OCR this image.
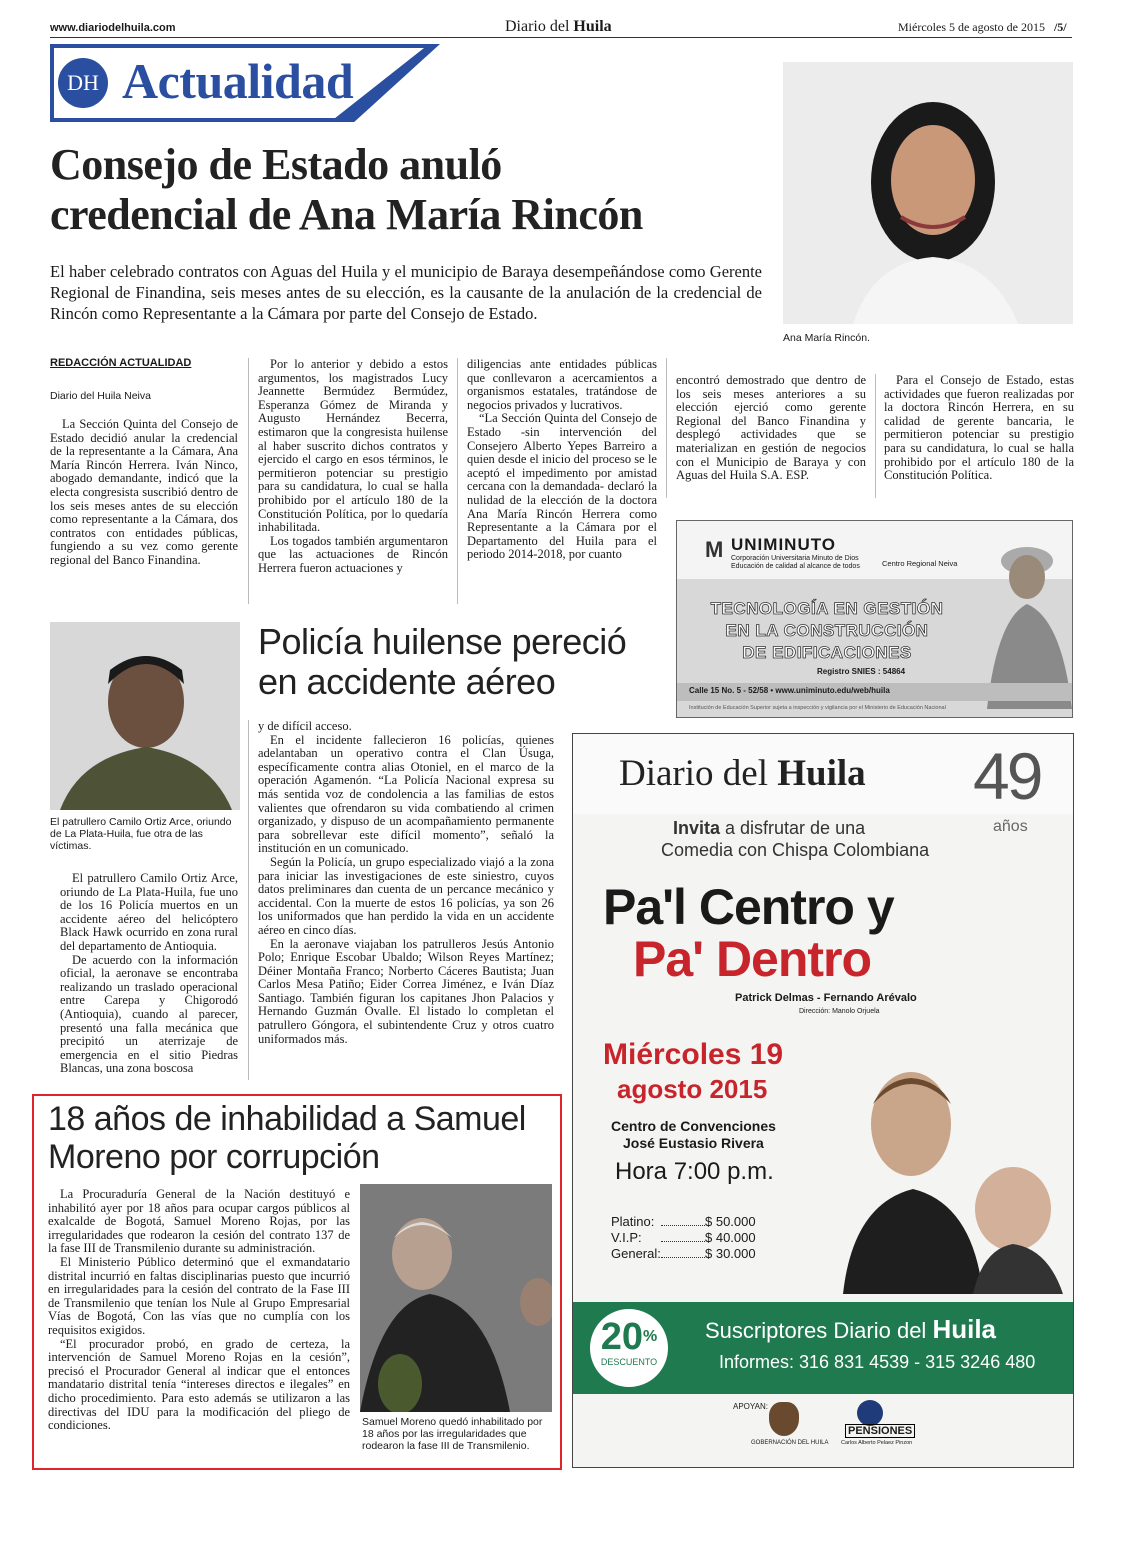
www.diariodelhuila.com	Diario del Huila	Miércoles 5 de agosto de 2015 /5/
DH Actualidad
Consejo de Estado anuló
credencial de Ana María Rincón
El haber celebrado contratos con Aguas del Huila y el municipio de Baraya desempeñándose como Gerente Regional de Finandina, seis meses antes de su elección, es la causante de la anulación de la credencial de Rincón como Representante a la Cámara por parte del Consejo de Estado.
Ana María Rincón.
REDACCIÓN ACTUALIDAD
Diario del Huila Neiva

La Sección Quinta del Consejo de Estado decidió anular la credencial de la representante a la Cámara, Ana María Rincón Herrera. Iván Ninco, abogado demandante, indicó que la electa congresista suscribió dentro de los seis meses antes de su elección como representante a la Cámara, dos contratos con entidades públicas, fungiendo a su vez como gerente regional del Banco Finandina.

Por lo anterior y debido a estos argumentos, los magistrados Lucy Jeannette Bermúdez Bermúdez, Esperanza Gómez de Miranda y Augusto Hernández Becerra, estimaron que la congresista huilense al haber suscrito dichos contratos y ejercido el cargo en esos términos, le permitieron potenciar su prestigio para su candidatura, lo cual se halla prohibido por el artículo 180 de la Constitución Política, por lo quedaría inhabilitada.

Los togados también argumentaron que las actuaciones de Rincón Herrera fueron actuaciones y

diligencias ante entidades públicas que conllevaron a acercamientos a organismos estatales, tratándose de negocios privados y lucrativos.

“La Sección Quinta del Consejo de Estado -sin intervención del Consejero Alberto Yepes Barreiro a quien desde el inicio del proceso se le aceptó el impedimento por amistad cercana con la demandada- declaró la nulidad de la elección de la doctora Ana María Rincón Herrera como Representante a la Cámara por el Departamento del Huila para el periodo 2014-2018, por cuanto

encontró demostrado que dentro de los seis meses anteriores a su elección ejerció como gerente Regional del Banco Finandina y desplegó actividades que se materializan en gestión de negocios con el Municipio de Baraya y con Aguas del Huila S.A. ESP.

Para el Consejo de Estado, estas actividades que fueron realizadas por la doctora Rincón Herrera, en su calidad de gerente bancaria, le permitieron potenciar su prestigio para su candidatura, lo cual se halla prohibido por el artículo 180 de la Constitución Política.

M UNIMINUTO
Corporación Universitaria Minuto de Dios
Educación de calidad al alcance de todos	Centro Regional Neiva
TECNOLOGÍA EN GESTIÓN
EN LA CONSTRUCCIÓN
DE EDIFICACIONES
Registro SNIES : 54864
Calle 15 No. 5 - 52/58 • www.uniminuto.edu/web/huila
Institución de Educación Superior sujeta a inspección y vigilancia por el Ministerio de Educación Nacional
El patrullero Camilo Ortiz Arce, oriundo de La Plata-Huila, fue otra de las víctimas.
Policía huilense pereció
en accidente aéreo

El patrullero Camilo Ortiz Arce, oriundo de La Plata-Huila, fue uno de los 16 Policía muertos en un accidente aéreo del helicóptero Black Hawk ocurrido en zona rural del departamento de Antioquia.

De acuerdo con la información oficial, la aeronave se encontraba realizando un traslado operacional entre Carepa y Chigorodó (Antioquia), cuando al parecer, presentó una falla mecánica que precipitó un aterrizaje de emergencia en el sitio Piedras Blancas, una zona boscosa

y de difícil acceso.

En el incidente fallecieron 16 policías, quienes adelantaban un operativo contra el Clan Úsuga, específicamente contra alias Otoniel, en el marco de la operación Agamenón. “La Policía Nacional expresa su más sentida voz de condolencia a las familias de estos valientes que ofrendaron su vida combatiendo al crimen organizado, y dispuso de un acompañamiento permanente para sobrellevar este difícil momento”, señaló la institución en un comunicado.

Según la Policía, un grupo especializado viajó a la zona para iniciar las investigaciones de este siniestro, cuyos datos preliminares dan cuenta de un percance mecánico y accidental. Con la muerte de estos 16 policías, ya son 26 los uniformados que han perdido la vida en un accidente aéreo en cinco días.

En la aeronave viajaban los patrulleros Jesús Antonio Polo; Enrique Escobar Ubaldo; Wilson Reyes Martínez; Déiner Montaña Franco; Norberto Cáceres Bautista; Juan Carlos Mesa Patiño; Eider Correa Jiménez, e Iván Díaz Santiago. También figuran los capitanes Jhon Palacios y Hernando Guzmán Ovalle. El listado lo completan el patrullero Góngora, el subintendente Cruz y otros cuatro uniformados más.

18 años de inhabilidad a Samuel
Moreno por corrupción

La Procuraduría General de la Nación destituyó e inhabilitó ayer por 18 años para ocupar cargos públicos al exalcalde de Bogotá, Samuel Moreno Rojas, por las irregularidades que rodearon la cesión del contrato 137 de la fase III de Transmilenio durante su administración.

El Ministerio Público determinó que el exmandatario distrital incurrió en faltas disciplinarias puesto que incurrió en irregularidades para la cesión del contrato de la Fase III de Transmilenio que tenían los Nule al Grupo Empresarial Vías de Bogotá, Con las vías que no cumplía con los requisitos exigidos.

“El procurador probó, en grado de certeza, la intervención de Samuel Moreno Rojas en la cesión”, precisó el Procurador General al indicar que el entonces mandatario distrital tenía “intereses directos e ilegales” en dicho procedimiento. Para esto además se utilizaron a las directivas del IDU para la modificación del pliego de condiciones.	Samuel Moreno quedó inhabilitado por 18 años por las irregularidades que rodearon la fase III de Transmilenio.
Diario del Huila 49
años
Invita a disfrutar de una
Comedia con Chispa Colombiana
Pa'l Centro y
Pa' Dentro
Patrick Delmas - Fernando Arévalo
Dirección: Manolo Orjuela
Miércoles 19
agosto 2015
Centro de Convenciones
José Eustasio Rivera
Hora 7:00 p.m.
Platino:	$ 50.000
V.I.P:	$ 40.000
General:	$ 30.000
20%
DESCUENTO
Suscriptores Diario del Huila
Informes: 316 831 4539 - 315 3246 480
APOYAN:
GOBERNACIÓN DEL HUILA
PENSIONES
Carlos Alberto Pelaez Pinzon
